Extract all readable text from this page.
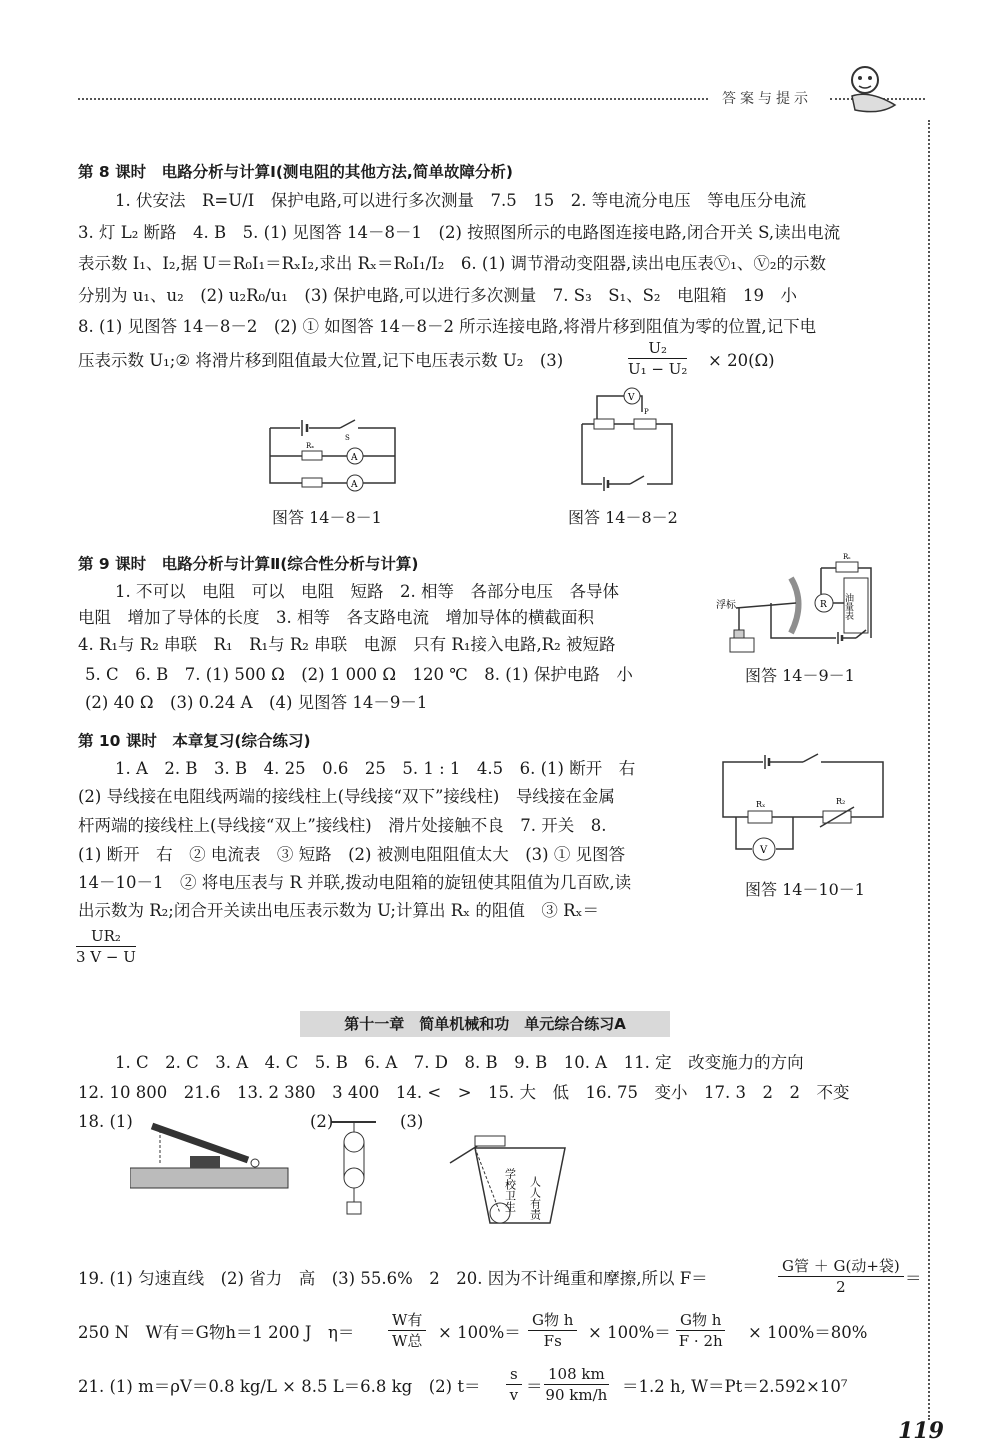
答案与提示
第 8 课时　电路分析与计算Ⅰ(测电阻的其他方法,简单故障分析)
1. 伏安法　R=U/I　保护电路,可以进行多次测量　7.5　15　2. 等电流分电压　等电压分电流
3. 灯 L₂ 断路　4. B　5. (1) 见图答 14－8－1　(2) 按照图所示的电路图连接电路,闭合开关 S,读出电流
表示数 I₁、I₂,据 U＝R₀I₁＝RₓI₂,求出 Rₓ＝R₀I₁/I₂　6. (1) 调节滑动变阻器,读出电压表Ⓥ₁、Ⓥ₂的示数
分别为 u₁、u₂　(2) u₂R₀/u₁　(3) 保护电路,可以进行多次测量　7. S₃　S₁、S₂　电阻箱　19　小
8. (1) 见图答 14－8－2　(2) ① 如图答 14－8－2 所示连接电路,将滑片移到阻值为零的位置,记下电
压表示数 U₁;② 将滑片移到阻值最大位置,记下电压表示数 U₂　(3)	$\frac{\text{U₂}}{\text{U₁ − U₂}} \times 20(\Omega)$
A
A
Rₓ
S
图答 14－8－1
V
P
图答 14－8－2
第 9 课时　电路分析与计算Ⅱ(综合性分析与计算)
1. 不可以　电阻　可以　电阻　短路　2. 相等　各部分电压　各导体
电阻　增加了导体的长度　3. 相等　各支路电流　增加导体的横截面积
4. R₁与 R₂ 串联　R₁　R₁与 R₂ 串联　电源　只有 R₁接入电路,R₂ 被短路
5. C　6. B　7. (1) 500 Ω　(2) 1 000 Ω　120 ℃　8. (1) 保护电路　小
(2) 40 Ω　(3) 0.24 A　(4) 见图答 14－9－1
Rₛ
R 油量表
浮标
图答 14－9－1
第 10 课时　本章复习(综合练习)
1. A　2. B　3. B　4. 25　0.6　25　5. 1 : 1　4.5　6. (1) 断开　右
(2) 导线接在电阻线两端的接线柱上(导线接“双下”接线柱)　导线接在金属
杆两端的接线柱上(导线接“双上”接线柱)　滑片处接触不良　7. 开关　8.
(1) 断开　右　② 电流表　③ 短路　(2) 被测电阻阻值太大　(3) ① 见图答
14－10－1　② 将电压表与 R 并联,拨动电阻箱的旋钮使其阻值为几百欧,读
出示数为 R₂;闭合开关读出电压表示数为 U;计算出 Rₓ 的阻值　③ Rₓ＝
$\frac{\text{UR₂}}{3 V - U}$
Rₓ	R₂
V
图答 14－10－1
第十一章　简单机械和功　单元综合练习A
1. C　2. C　3. A　4. C　5. B　6. A　7. D　8. B　9. B　10. A　11. 定　改变施力的方向
12. 10 800　21.6　13. 2 380　3 400　14. <　>　15. 大　低　16. 75　变小　17. 3　2　2　不变
18. (1)	(2)	(3)
学校卫生 人人有责
19. (1) 匀速直线　(2) 省力　高　(3) 55.6%　2　20. 因为不计绳重和摩擦,所以 F＝
G管 ＋ G(动+袋)
2	＝
250 N　W有＝G物h＝1 200 J　η＝
W有
W总 × 100%＝
G物 h
Fs	× 100%＝
G物 h
F · 2h × 100%＝80%
21. (1) m＝ρV＝0.8 kg/L × 8.5 L＝6.8 kg　(2) $t= \frac{s}{v} = \frac{108 km}{90 km/h} =1.2$ h, W＝Pt＝2.592×10⁷
119
